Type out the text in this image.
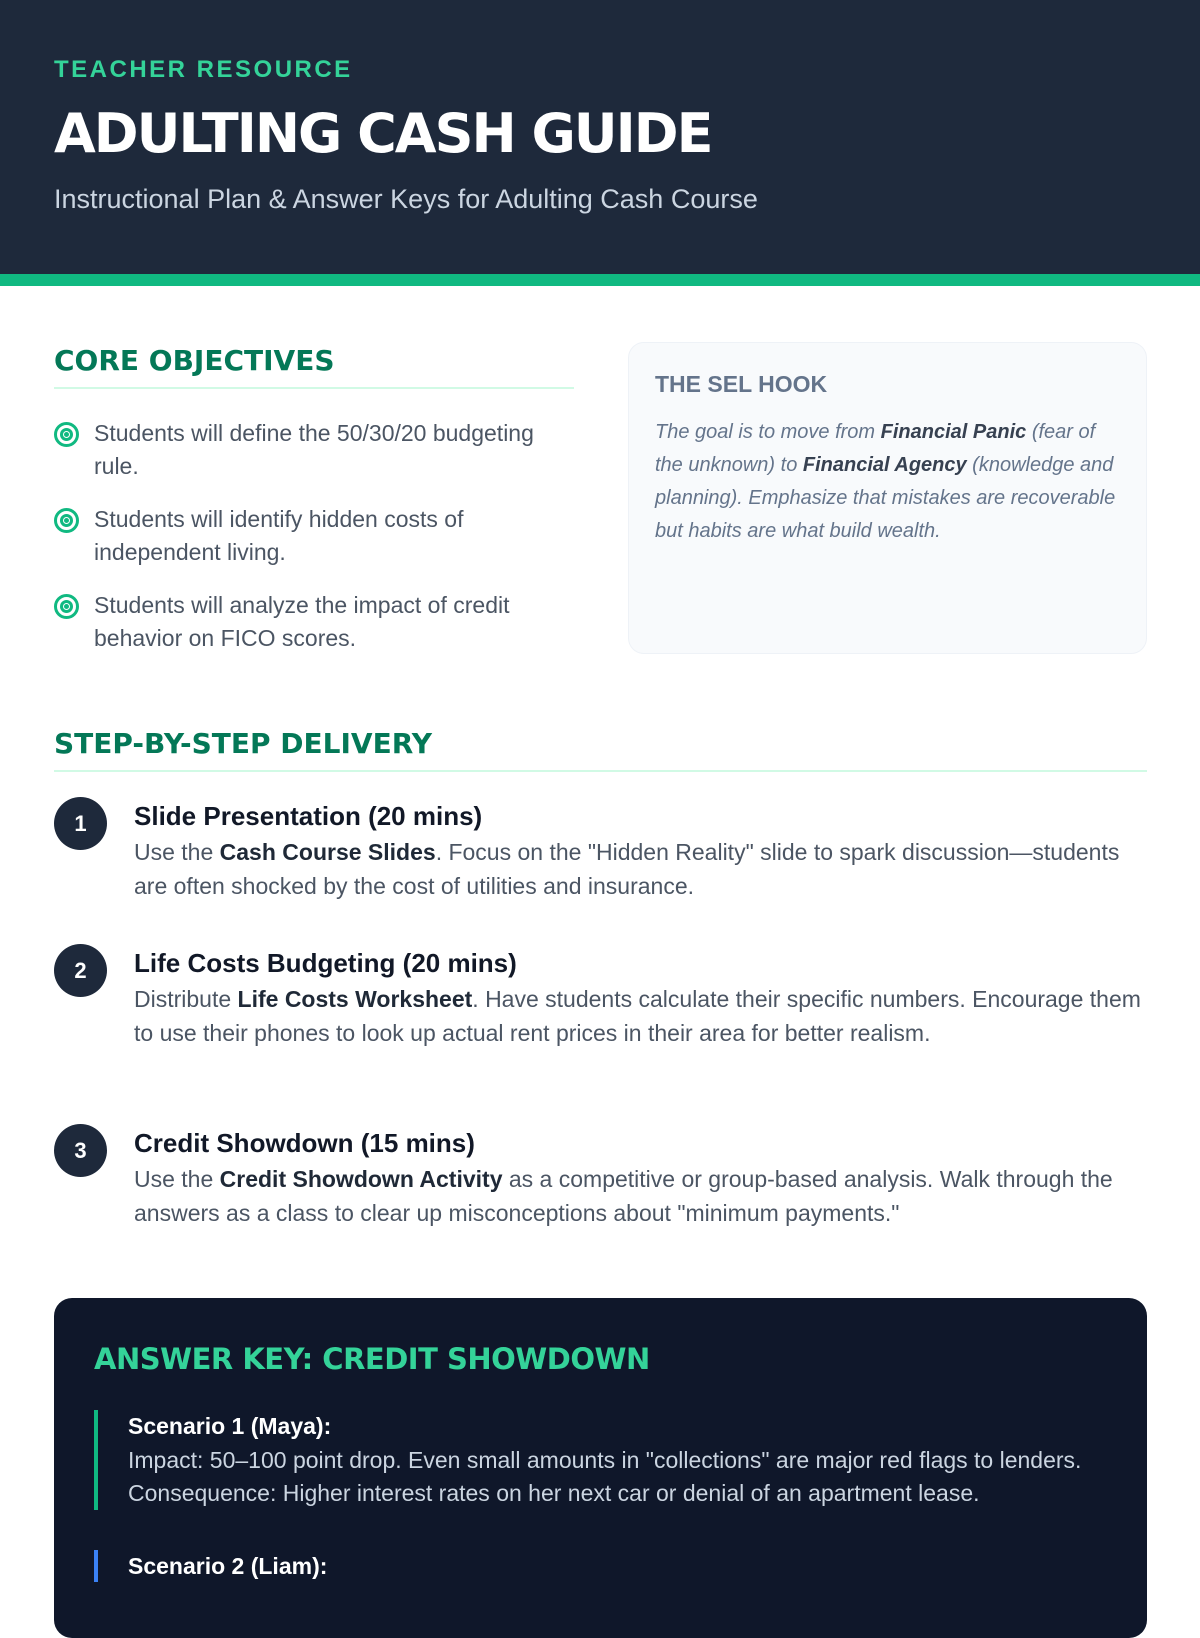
TEACHER RESOURCE
ADULTING CASH GUIDE
Instructional Plan & Answer Keys for Adulting Cash Course
CORE OBJECTIVES
Students will define the 50/30/20 budgeting rule.
Students will identify hidden costs of independent living.
Students will analyze the impact of credit behavior on FICO scores.
THE SEL HOOK

The goal is to move from Financial Panic (fear of the unknown) to Financial Agency (knowledge and planning). Emphasize that mistakes are recoverable but habits are what build wealth.

STEP-BY-STEP DELIVERY
1	Slide Presentation (20 mins)

Use the Cash Course Slides. Focus on the "Hidden Reality" slide to spark discussion—students are often shocked by the cost of utilities and insurance.

2	Life Costs Budgeting (20 mins)

Distribute Life Costs Worksheet. Have students calculate their specific numbers. Encourage them to use their phones to look up actual rent prices in their area for better realism.

3	Credit Showdown (15 mins)

Use the Credit Showdown Activity as a competitive or group-based analysis. Walk through the answers as a class to clear up misconceptions about "minimum payments."

ANSWER KEY: CREDIT SHOWDOWN
Scenario 1 (Maya):
Impact: 50–100 point drop. Even small amounts in "collections" are major red flags to lenders. Consequence: Higher interest rates on her next car or denial of an apartment lease.
Scenario 2 (Liam):
